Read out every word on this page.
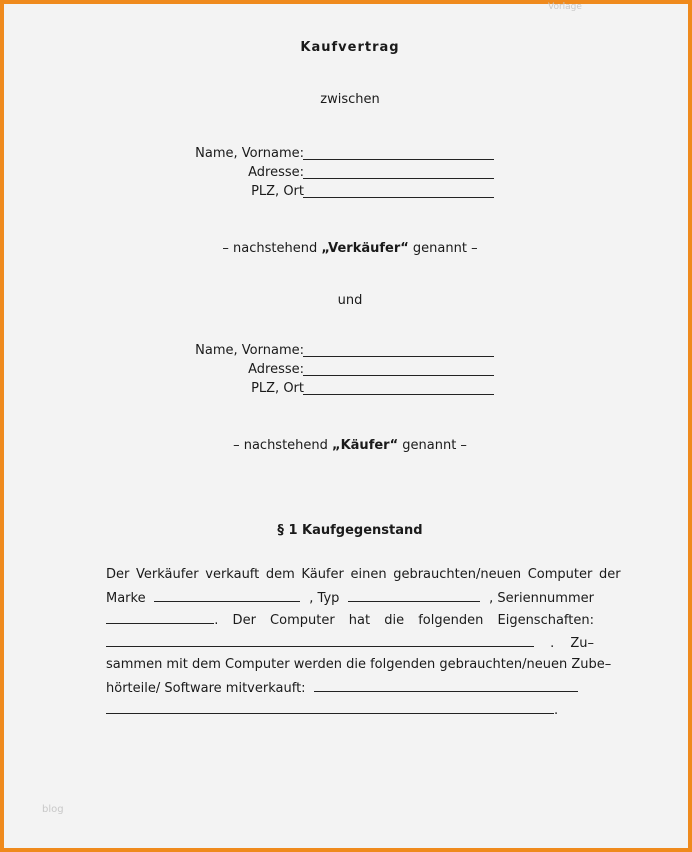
Vorlage
Kaufvertrag
zwischen
Name, Vorname:
Adresse:
PLZ, Ort
– nachstehend „Verkäufer“ genannt –
und
Name, Vorname:
Adresse:
PLZ, Ort
– nachstehend „Käufer“ genannt –
§ 1 Kaufgegenstand
Der Verkäufer verkauft dem Käufer einen gebrauchten/neuen Computer der
Marke	, Typ	, Seriennummer
. Der Computer hat die folgenden Eigenschaften:
. Zu–
sammen mit dem Computer werden die folgenden gebrauchten/neuen Zube–
hörteile/ Software mitverkauft:
.
blog
